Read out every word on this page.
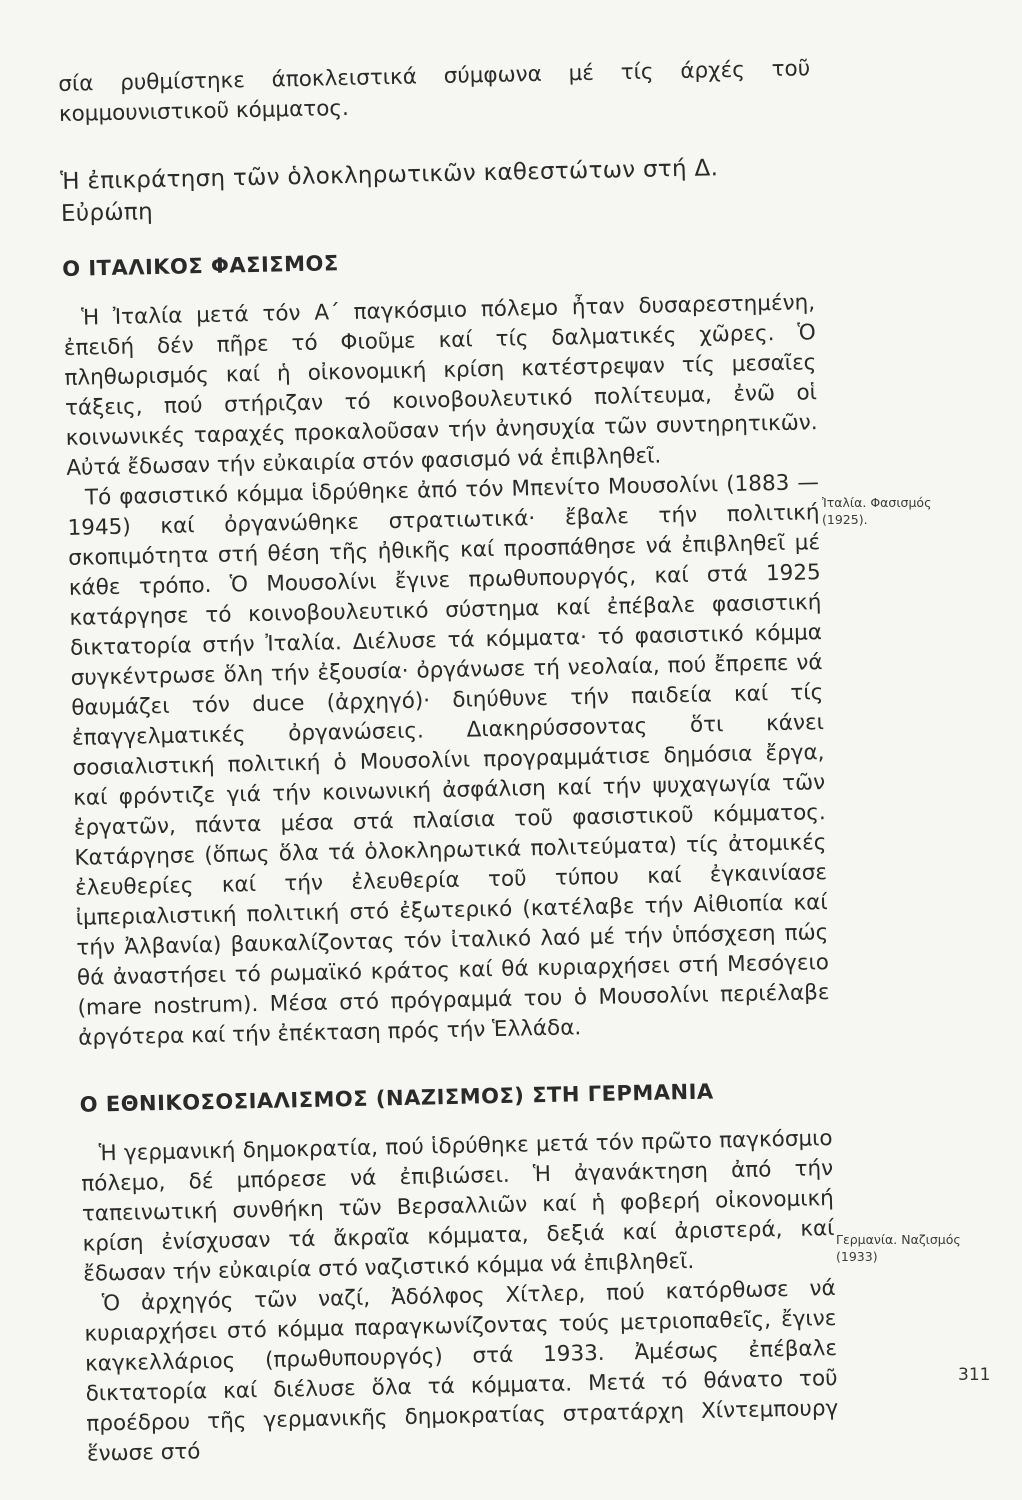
σία ρυθμίστηκε άποκλειστικά σύμφωνα μέ τίς άρχές τοῦ κομμουνιστικοῦ κόμματος.

Ἡ ἐπικράτηση τῶν ὁλοκληρωτικῶν καθεστώτων στή Δ. Εὐρώπη
Ο ΙΤΑΛΙΚΟΣ ΦΑΣΙΣΜΟΣ

Ἡ Ἰταλία μετά τόν Α΄ παγκόσμιο πόλεμο ἦταν δυσαρεστημένη, ἐπειδή δέν πῆρε τό Φιοῦμε καί τίς δαλματικές χῶρες. Ὁ πληθωρισμός καί ἡ οἰκονομική κρίση κατέστρεψαν τίς μεσαῖες τάξεις, πού στήριζαν τό κοινοβουλευτικό πολίτευμα, ἐνῶ οἱ κοινωνικές ταραχές προκαλοῦσαν τήν ἀνησυχία τῶν συντηρητικῶν. Αὐτά ἔδωσαν τήν εὐκαιρία στόν φασισμό νά ἐπιβληθεῖ.

Τό φασιστικό κόμμα ἱδρύθηκε ἀπό τόν Μπενίτο Μουσολίνι (1883 — 1945) καί ὀργανώθηκε στρατιωτικά· ἔβαλε τήν πολιτική σκοπιμότητα στή θέση τῆς ἠθικῆς καί προσπάθησε νά ἐπιβληθεῖ μέ κάθε τρόπο. Ὁ Μουσολίνι ἔγινε πρωθυπουργός, καί στά 1925 κατάργησε τό κοινοβουλευτικό σύστημα καί ἐπέβαλε φασιστική δικτατορία στήν Ἰταλία. Διέλυσε τά κόμματα· τό φασιστικό κόμμα συγκέντρωσε ὅλη τήν ἐξουσία· ὀργάνωσε τή νεολαία, πού ἔπρεπε νά θαυμάζει τόν duce (ἀρχηγό)· διηύθυνε τήν παιδεία καί τίς ἐπαγγελματικές ὀργανώσεις. Διακηρύσσοντας ὅτι κάνει σοσιαλιστική πολιτική ὁ Μουσολίνι προγραμμάτισε δημόσια ἔργα, καί φρόντιζε γιά τήν κοινωνική ἀσφάλιση καί τήν ψυχαγωγία τῶν ἐργατῶν, πάντα μέσα στά πλαίσια τοῦ φασιστικοῦ κόμματος. Κατάργησε (ὅπως ὅλα τά ὁλοκληρωτικά πολιτεύματα) τίς ἀτομικές ἐλευθερίες καί τήν ἐλευθερία τοῦ τύπου καί ἐγκαινίασε ἰμπεριαλιστική πολιτική στό ἐξωτερικό (κατέλαβε τήν Αἰθιοπία καί τήν Ἀλβανία) βαυκαλίζοντας τόν ἰταλικό λαό μέ τήν ὑπόσχεση πώς θά ἀναστήσει τό ρωμαϊκό κράτος καί θά κυριαρχήσει στή Μεσόγειο (mare nostrum). Μέσα στό πρόγραμμά του ὁ Μουσολίνι περιέλαβε ἀργότερα καί τήν ἐπέκταση πρός τήν Ἑλλάδα.

Ο ΕΘΝΙΚΟΣΟΣΙΑΛΙΣΜΟΣ (ΝΑΖΙΣΜΟΣ) ΣΤΗ ΓΕΡΜΑΝΙΑ

Ἡ γερμανική δημοκρατία, πού ἱδρύθηκε μετά τόν πρῶτο παγκόσμιο πόλεμο, δέ μπόρεσε νά ἐπιβιώσει. Ἡ ἀγανάκτηση ἀπό τήν ταπεινωτική συνθήκη τῶν Βερσαλλιῶν καί ἡ φοβερή οἰκονομική κρίση ἐνίσχυσαν τά ἄκραῖα κόμματα, δεξιά καί ἀριστερά, καί ἔδωσαν τήν εὐκαιρία στό ναζιστικό κόμμα νά ἐπιβληθεῖ.

Ὁ ἀρχηγός τῶν ναζί, Ἀδόλφος Χίτλερ, πού κατόρθωσε νά κυριαρχήσει στό κόμμα παραγκωνίζοντας τούς μετριοπαθεῖς, ἔγινε καγκελλάριος (πρωθυπουργός) στά 1933. Ἀμέσως ἐπέβαλε δικτατορία καί διέλυσε ὅλα τά κόμματα. Μετά τό θάνατο τοῦ προέδρου τῆς γερμανικῆς δημοκρατίας στρατάρχη Χίντεμπουργ ἕνωσε στό

Ἰταλία. Φασισμός
(1925).
Γερμανία. Ναζισμός
(1933)
311
